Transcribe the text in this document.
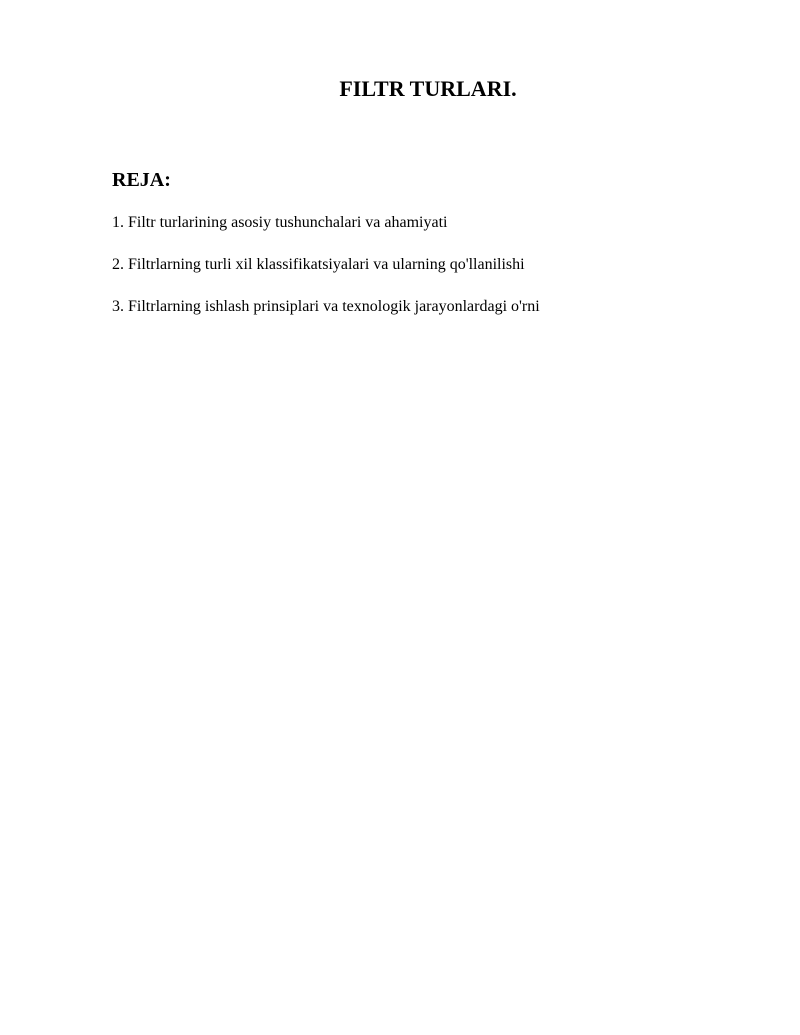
FILTR TURLARI.
REJA:
1. Filtr turlarining asosiy tushunchalari va ahamiyati
2. Filtrlarning turli xil klassifikatsiyalari va ularning qo'llanilishi
3. Filtrlarning ishlash prinsiplari va texnologik jarayonlardagi o'rni
